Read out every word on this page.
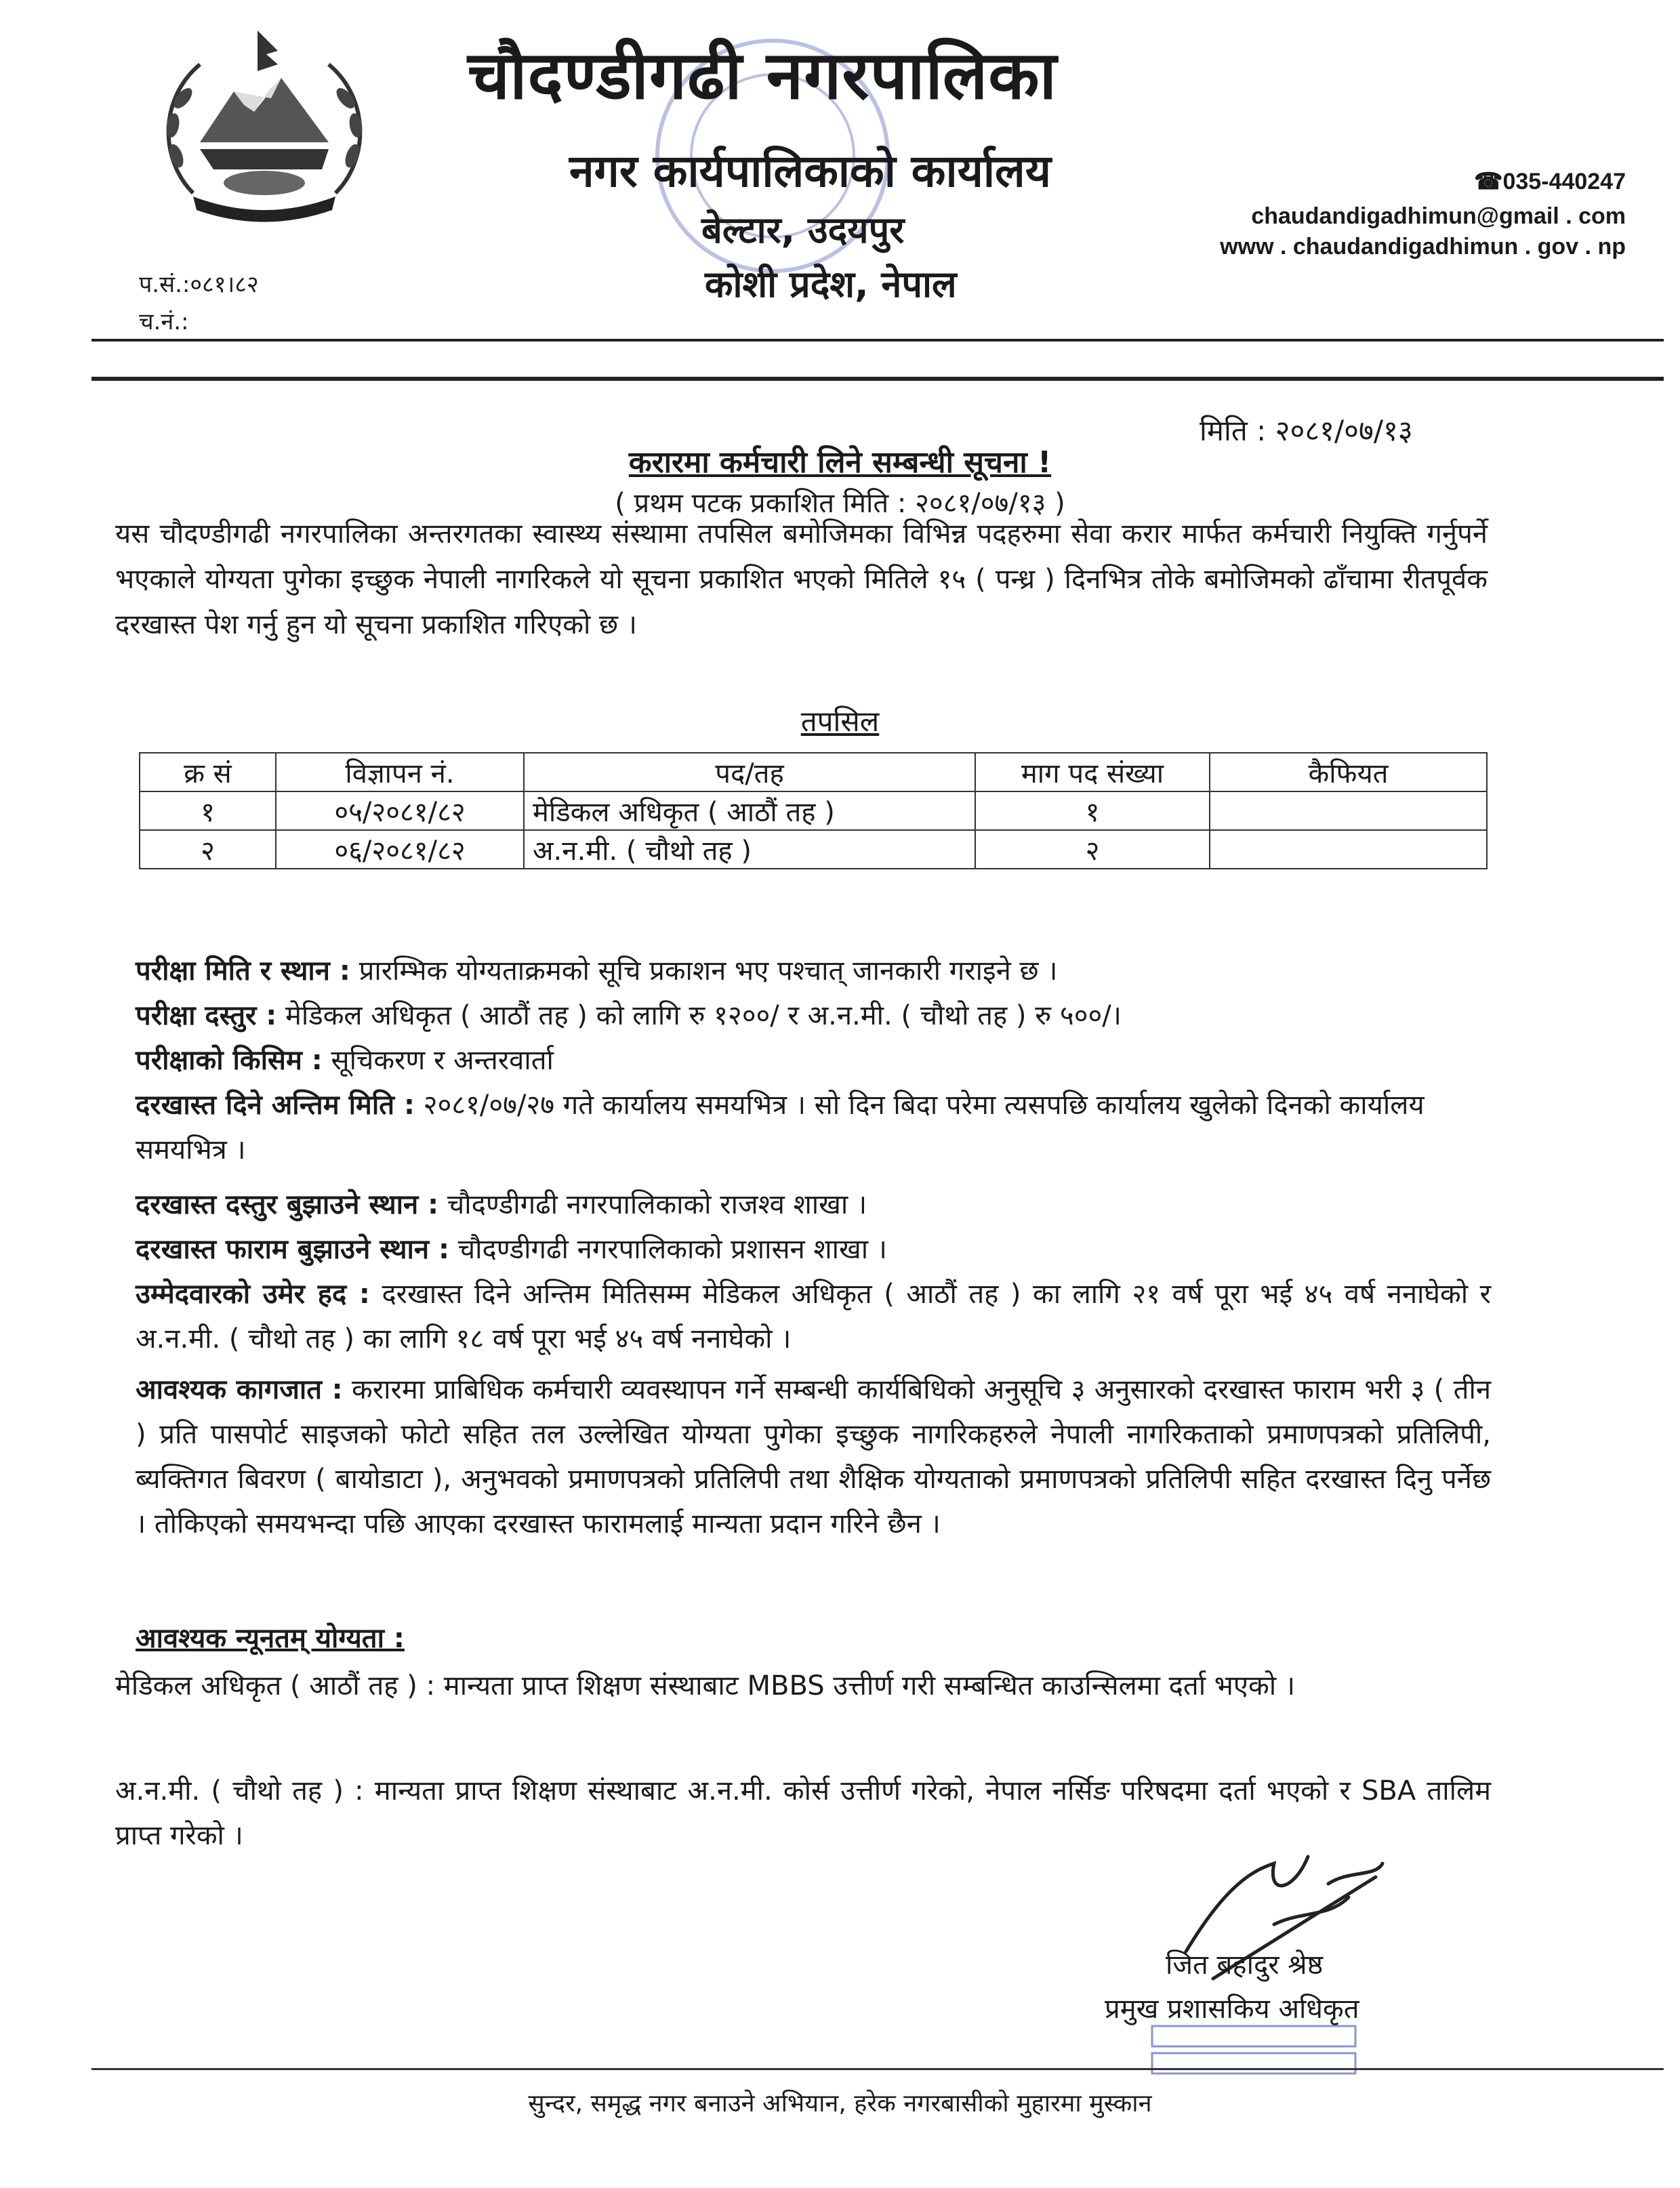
चौदण्डीगढी नगरपालिका
नगर कार्यपालिकाको कार्यालय
बेल्टार, उदयपुर
कोशी प्रदेश, नेपाल
☎035-440247
chaudandigadhimun@gmail . com
www . chaudandigadhimun . gov . np
प.सं.:०८१।८२
च.नं.:
मिति : २०८१/०७/१३
करारमा कर्मचारी लिने सम्बन्धी सूचना !
( प्रथम पटक प्रकाशित मिति : २०८१/०७/१३ )
यस चौदण्डीगढी नगरपालिका अन्तरगतका स्वास्थ्य संस्थामा तपसिल बमोजिमका विभिन्न पदहरुमा सेवा करार मार्फत कर्मचारी नियुक्ति गर्नुपर्ने भएकाले योग्यता पुगेका इच्छुक नेपाली नागरिकले यो सूचना प्रकाशित भएको मितिले १५ ( पन्ध्र ) दिनभित्र तोके बमोजिमको ढाँचामा रीतपूर्वक दरखास्त पेश गर्नु हुन यो सूचना प्रकाशित गरिएको छ ।
तपसिल
क्र सं	विज्ञापन नं.	पद/तह	माग पद संख्या	कैफियत
१	०५/२०८१/८२	मेडिकल अधिकृत ( आठौं तह )	१	
२	०६/२०८१/८२	अ.न.मी. ( चौथो तह )	२	
परीक्षा मिति र स्थान : प्रारम्भिक योग्यताक्रमको सूचि प्रकाशन भए पश्चात् जानकारी गराइने छ ।
परीक्षा दस्तुर : मेडिकल अधिकृत ( आठौं तह ) को लागि रु १२००/ र अ.न.मी. ( चौथो तह ) रु ५००/।
परीक्षाको किसिम : सूचिकरण र अन्तरवार्ता
दरखास्त दिने अन्तिम मिति : २०८१/०७/२७ गते कार्यालय समयभित्र । सो दिन बिदा परेमा त्यसपछि कार्यालय खुलेको दिनको कार्यालय समयभित्र ।
दरखास्त दस्तुर बुझाउने स्थान : चौदण्डीगढी नगरपालिकाको राजश्व शाखा ।
दरखास्त फाराम बुझाउने स्थान : चौदण्डीगढी नगरपालिकाको प्रशासन शाखा ।
उम्मेदवारको उमेर हद : दरखास्त दिने अन्तिम मितिसम्म मेडिकल अधिकृत ( आठौं तह ) का लागि २१ वर्ष पूरा भई ४५ वर्ष ननाघेको र अ.न.मी. ( चौथो तह ) का लागि १८ वर्ष पूरा भई ४५ वर्ष ननाघेको ।
आवश्यक कागजात : करारमा प्राबिधिक कर्मचारी व्यवस्थापन गर्ने सम्बन्धी कार्यबिधिको अनुसूचि ३ अनुसारको दरखास्त फाराम भरी ३ ( तीन ) प्रति पासपोर्ट साइजको फोटो सहित तल उल्लेखित योग्यता पुगेका इच्छुक नागरिकहरुले नेपाली नागरिकताको प्रमाणपत्रको प्रतिलिपी, ब्यक्तिगत बिवरण ( बायोडाटा ), अनुभवको प्रमाणपत्रको प्रतिलिपी तथा शैक्षिक योग्यताको प्रमाणपत्रको प्रतिलिपी सहित दरखास्त दिनु पर्नेछ । तोकिएको समयभन्दा पछि आएका दरखास्त फारामलाई मान्यता प्रदान गरिने छैन ।
आवश्यक न्यूनतम् योग्यता :
मेडिकल अधिकृत ( आठौं तह ) : मान्यता प्राप्त शिक्षण संस्थाबाट MBBS उत्तीर्ण गरी सम्बन्धित काउन्सिलमा दर्ता भएको ।
अ.न.मी. ( चौथो तह ) : मान्यता प्राप्त शिक्षण संस्थाबाट अ.न.मी. कोर्स उत्तीर्ण गरेको, नेपाल नर्सिङ परिषदमा दर्ता भएको र SBA तालिम प्राप्त गरेको ।
जित बहादुर श्रेष्ठ
प्रमुख प्रशासकिय अधिकृत
सुन्दर, समृद्ध नगर बनाउने अभियान, हरेक नगरबासीको मुहारमा मुस्कान
